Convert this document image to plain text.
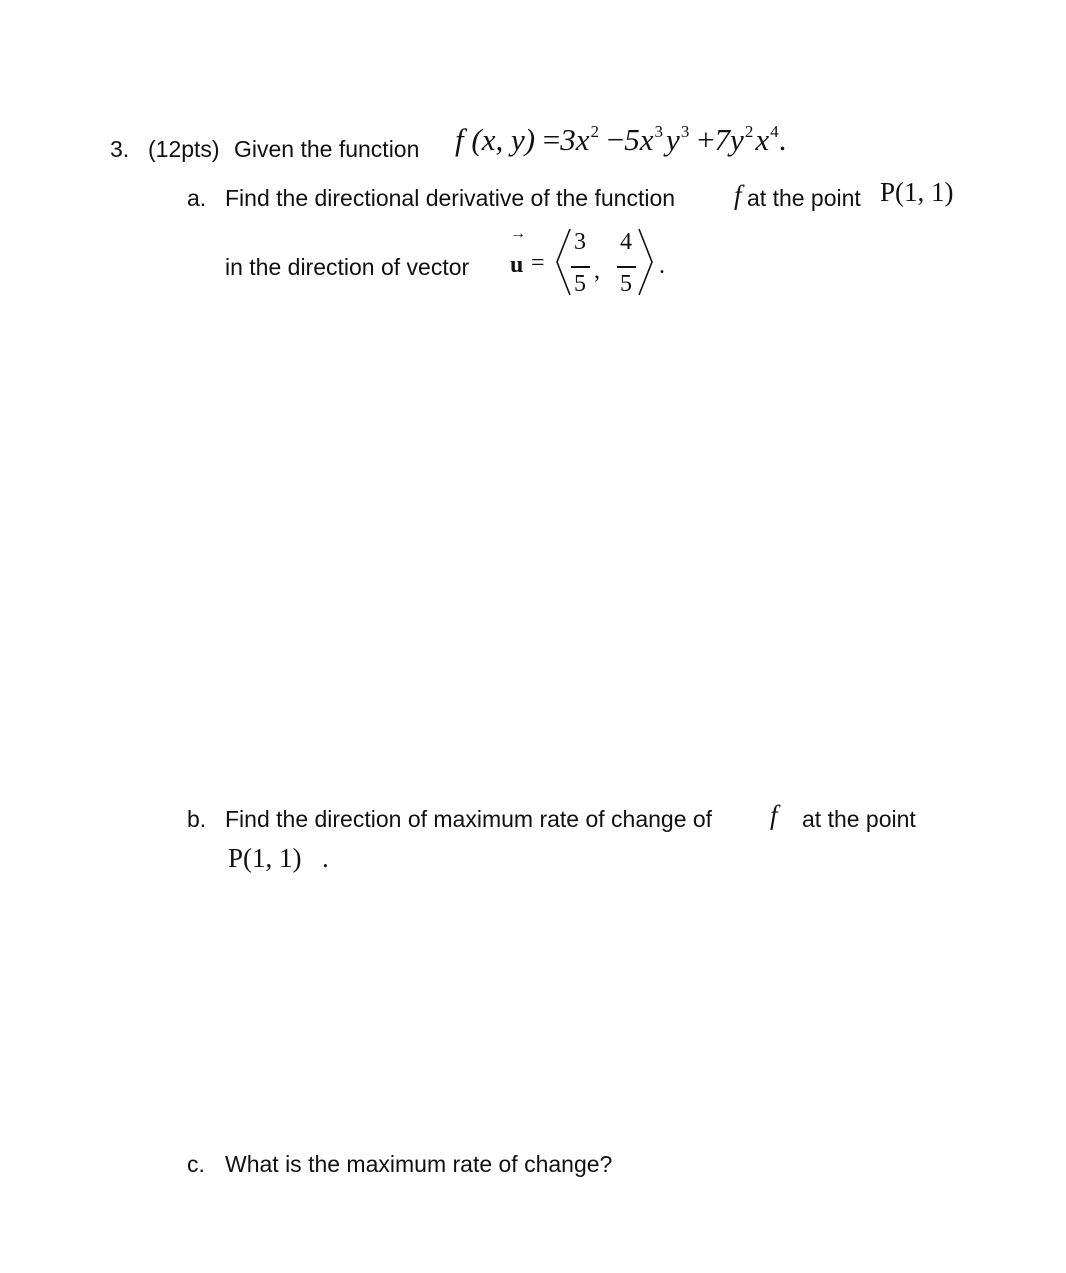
3. (12pts) Given the function f (x, $y) =3x^2 -5x^3y^3 +7y^2x^4$.
a. Find the directional derivative of the function f at the point P(1, 1)
in the direction of vector
→
u =
3
5 ,
4
5
.
b. Find the direction of maximum rate of change of f at the point
P(1, 1) .
c. What is the maximum rate of change?
